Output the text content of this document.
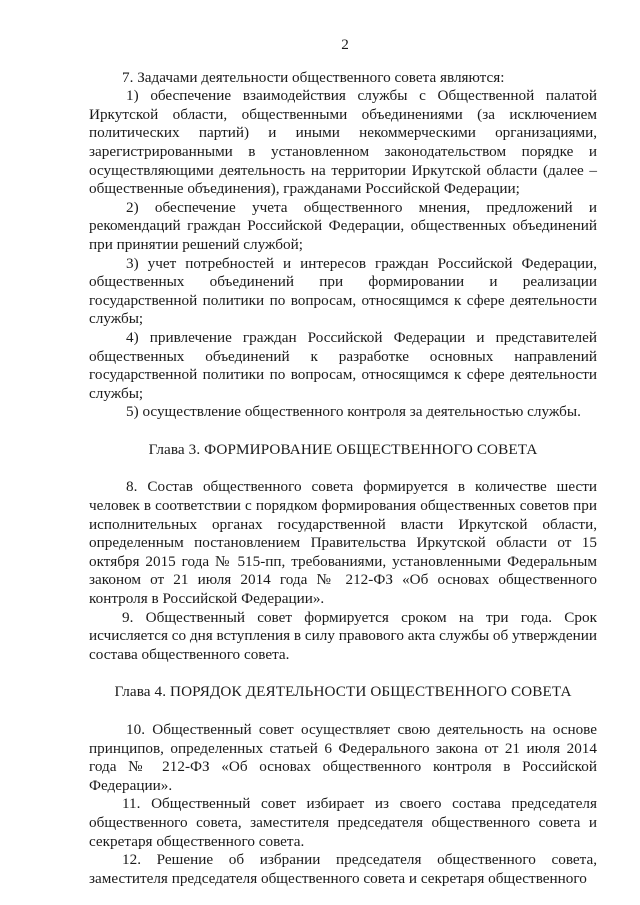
2

7. Задачами деятельности общественного совета являются:

1) обеспечение взаимодействия службы с Общественной палатой Иркутской области, общественными объединениями (за исключением политических партий) и иными некоммерческими организациями, зарегистрированными в установленном законодательством порядке и осуществляющими деятельность на территории Иркутской области (далее – общественные объединения), гражданами Российской Федерации;

2) обеспечение учета общественного мнения, предложений и рекомендаций граждан Российской Федерации, общественных объединений при принятии решений службой;

3) учет потребностей и интересов граждан Российской Федерации, общественных объединений при формировании и реализации государственной политики по вопросам, относящимся к сфере деятельности службы;

4) привлечение граждан Российской Федерации и представителей общественных объединений к разработке основных направлений государственной политики по вопросам, относящимся к сфере деятельности службы;

5) осуществление общественного контроля за деятельностью службы.

Глава 3. ФОРМИРОВАНИЕ ОБЩЕСТВЕННОГО СОВЕТА

8. Состав общественного совета формируется в количестве шести человек в соответствии с порядком формирования общественных советов при исполнительных органах государственной власти Иркутской области, определенным постановлением Правительства Иркутской области от 15 октября 2015 года № 515-пп, требованиями, установленными Федеральным законом от 21 июля 2014 года № 212-ФЗ «Об основах общественного контроля в Российской Федерации».

9. Общественный совет формируется сроком на три года. Срок исчисляется со дня вступления в силу правового акта службы об утверждении состава общественного совета.

Глава 4. ПОРЯДОК ДЕЯТЕЛЬНОСТИ ОБЩЕСТВЕННОГО СОВЕТА

10. Общественный совет осуществляет свою деятельность на основе принципов, определенных статьей 6 Федерального закона от 21 июля 2014 года № 212-ФЗ «Об основах общественного контроля в Российской Федерации».

11. Общественный совет избирает из своего состава председателя общественного совета, заместителя председателя общественного совета и секретаря общественного совета.

12. Решение об избрании председателя общественного совета, заместителя председателя общественного совета и секретаря общественного
